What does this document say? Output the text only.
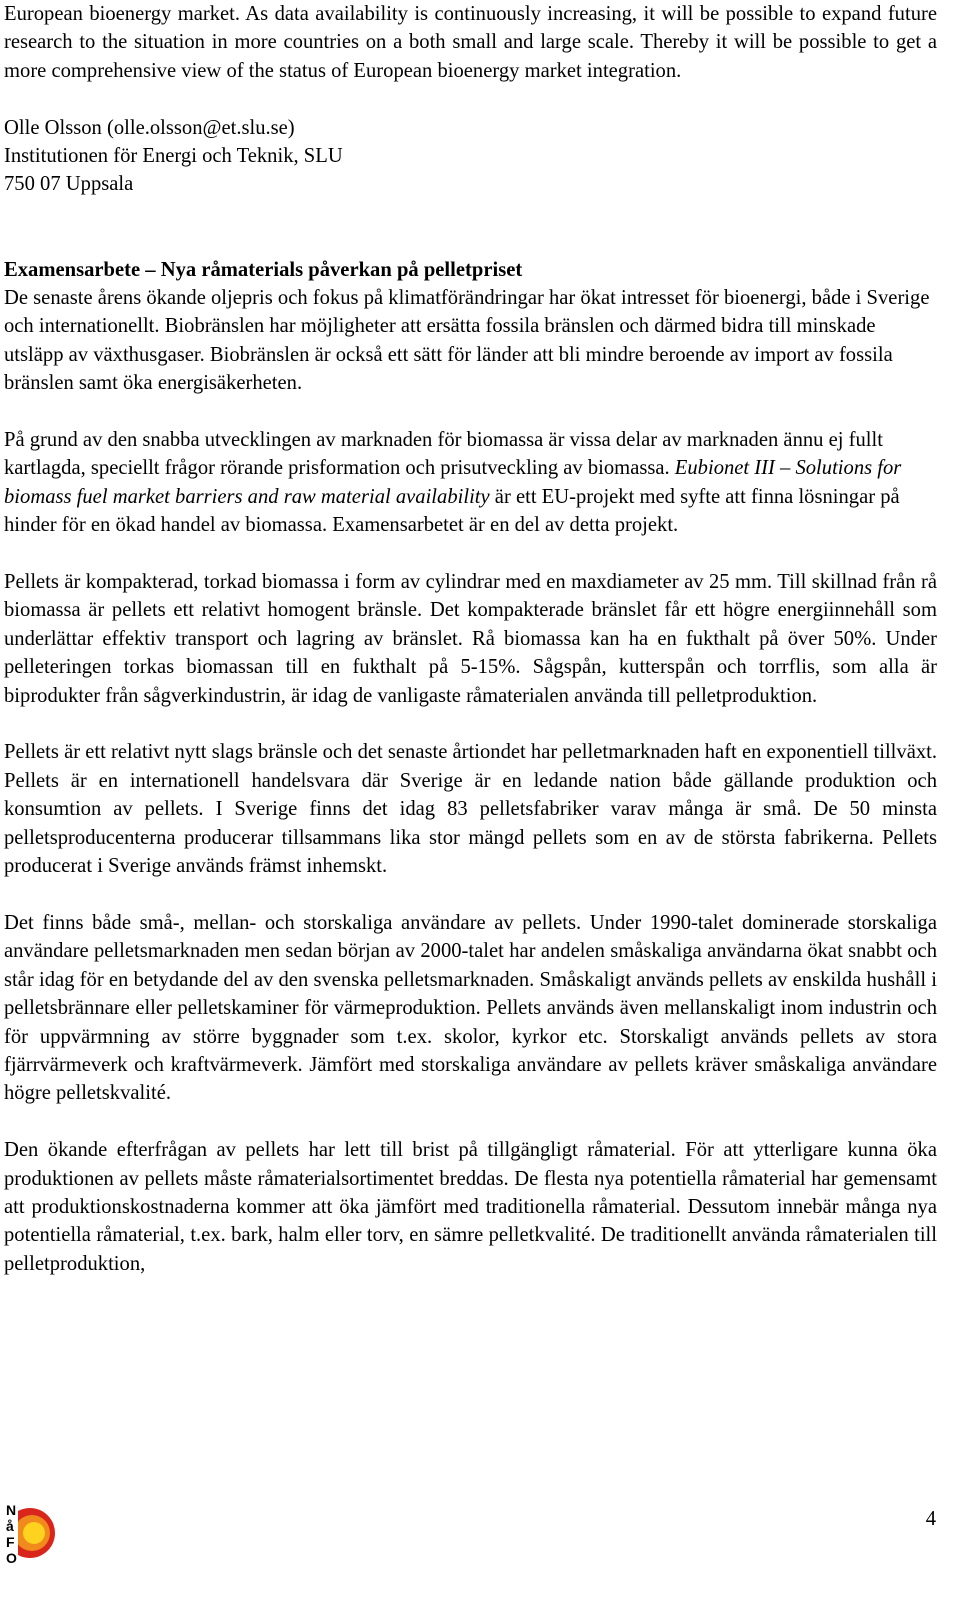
European bioenergy market. As data availability is continuously increasing, it will be possible to expand future research to the situation in more countries on a both small and large scale. Thereby it will be possible to get a more comprehensive view of the status of European bioenergy market integration.

Olle Olsson (olle.olsson@et.slu.se)

Institutionen för Energi och Teknik, SLU

750 07 Uppsala

Examensarbete – Nya råmaterials påverkan på pelletpriset

De senaste årens ökande oljepris och fokus på klimatförändringar har ökat intresset för bioenergi, både i Sverige och internationellt. Biobränslen har möjligheter att ersätta fossila bränslen och därmed bidra till minskade utsläpp av växthusgaser. Biobränslen är också ett sätt för länder att bli mindre beroende av import av fossila bränslen samt öka energisäkerheten.

På grund av den snabba utvecklingen av marknaden för biomassa är vissa delar av marknaden ännu ej fullt kartlagda, speciellt frågor rörande prisformation och prisutveckling av biomassa. Eubionet III – Solutions for biomass fuel market barriers and raw material availability är ett EU-projekt med syfte att finna lösningar på hinder för en ökad handel av biomassa. Examensarbetet är en del av detta projekt.

Pellets är kompakterad, torkad biomassa i form av cylindrar med en maxdiameter av 25 mm. Till skillnad från rå biomassa är pellets ett relativt homogent bränsle. Det kompakterade bränslet får ett högre energiinnehåll som underlättar effektiv transport och lagring av bränslet. Rå biomassa kan ha en fukthalt på över 50%. Under pelleteringen torkas biomassan till en fukthalt på 5-15%. Sågspån, kutterspån och torrflis, som alla är biprodukter från sågverkindustrin, är idag de vanligaste råmaterialen använda till pelletproduktion.

Pellets är ett relativt nytt slags bränsle och det senaste årtiondet har pelletmarknaden haft en exponentiell tillväxt. Pellets är en internationell handelsvara där Sverige är en ledande nation både gällande produktion och konsumtion av pellets. I Sverige finns det idag 83 pelletsfabriker varav många är små. De 50 minsta pelletsproducenterna producerar tillsammans lika stor mängd pellets som en av de största fabrikerna. Pellets producerat i Sverige används främst inhemskt.

Det finns både små-, mellan- och storskaliga användare av pellets. Under 1990-talet dominerade storskaliga användare pelletsmarknaden men sedan början av 2000-talet har andelen småskaliga användarna ökat snabbt och står idag för en betydande del av den svenska pelletsmarknaden. Småskaligt används pellets av enskilda hushåll i pelletsbrännare eller pelletskaminer för värmeproduktion. Pellets används även mellanskaligt inom industrin och för uppvärmning av större byggnader som t.ex. skolor, kyrkor etc. Storskaligt används pellets av stora fjärrvärmeverk och kraftvärmeverk. Jämfört med storskaliga användare av pellets kräver småskaliga användare högre pelletskvalité.

Den ökande efterfrågan av pellets har lett till brist på tillgängligt råmaterial. För att ytterligare kunna öka produktionen av pellets måste råmaterialsortimentet breddas. De flesta nya potentiella råmaterial har gemensamt att produktionskostnaderna kommer att öka jämfört med traditionella råmaterial. Dessutom innebär många nya potentiella råmaterial, t.ex. bark, halm eller torv, en sämre pelletkvalité. De traditionellt använda råmaterialen till pelletproduktion,

N
å
F
O
4
